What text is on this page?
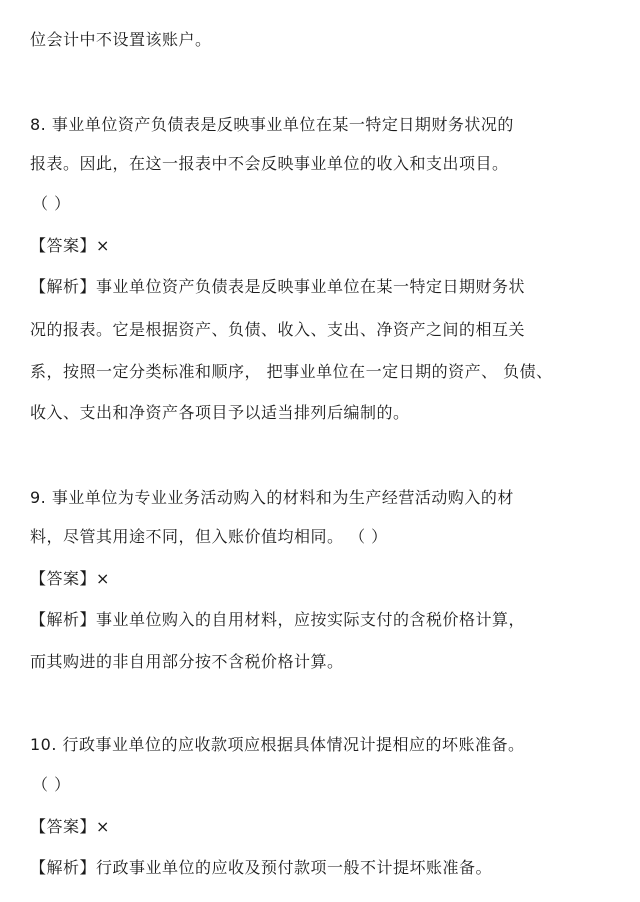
位会计中不设置该账户。
8. 事业单位资产负债表是反映事业单位在某一特定日期财务状况的
报表。因此，在这一报表中不会反映事业单位的收入和支出项目。
（ ）
【答案】×
【解析】事业单位资产负债表是反映事业单位在某一特定日期财务状
况的报表。它是根据资产、负债、收入、支出、净资产之间的相互关
系，按照一定分类标准和顺序， 把事业单位在一定日期的资产、 负债、
收入、支出和净资产各项目予以适当排列后编制的。
9. 事业单位为专业业务活动购入的材料和为生产经营活动购入的材
料，尽管其用途不同，但入账价值均相同。 （ ）
【答案】×
【解析】事业单位购入的自用材料，应按实际支付的含税价格计算，
而其购进的非自用部分按不含税价格计算。
10. 行政事业单位的应收款项应根据具体情况计提相应的坏账准备。
（ ）
【答案】×
【解析】行政事业单位的应收及预付款项一般不计提坏账准备。
